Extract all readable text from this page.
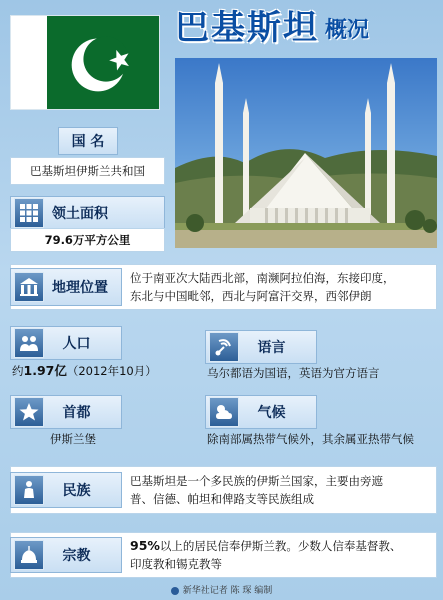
巴基斯坦 概况
国 名
巴基斯坦伊斯兰共和国
领土面积
79.6万平方公里
地理位置
位于南亚次大陆西北部，南濒阿拉伯海，东接印度，
东北与中国毗邻，西北与阿富汗交界，西邻伊朗
人口
约1.97亿（2012年10月）
语言
乌尔都语为国语，英语为官方语言
首都
伊斯兰堡
气候
除南部属热带气候外，其余属亚热带气候
民族
巴基斯坦是一个多民族的伊斯兰国家，主要由旁遮
普、信德、帕坦和俾路支等民族组成
宗教
95%以上的居民信奉伊斯兰教。少数人信奉基督教、
印度教和锡克教等
新华社记者 陈 琛 编制
